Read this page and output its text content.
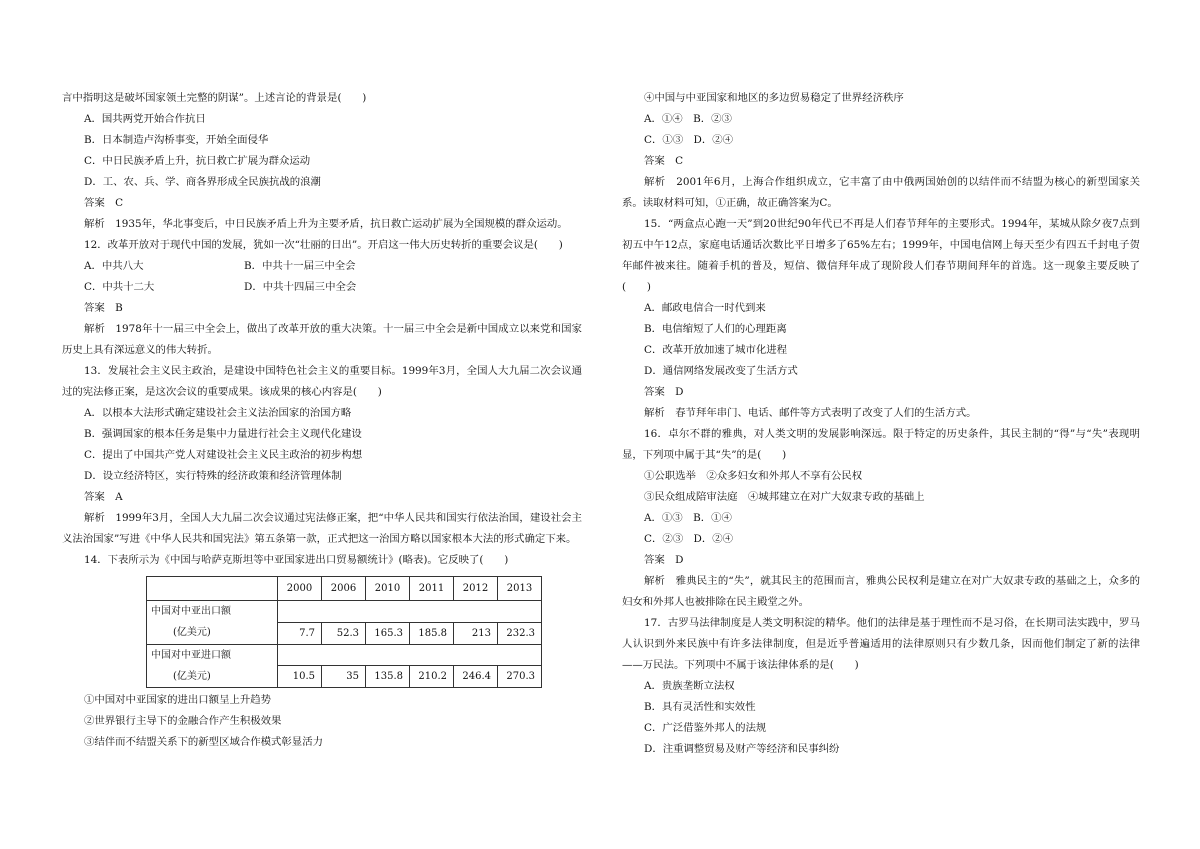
言中指明这是破坏国家领土完整的阴谋”。上述言论的背景是(　　)

A．国共两党开始合作抗日

B．日本制造卢沟桥事变，开始全面侵华

C．中日民族矛盾上升，抗日救亡扩展为群众运动

D．工、农、兵、学、商各界形成全民族抗战的浪潮

答案　C

解析　1935年，华北事变后，中日民族矛盾上升为主要矛盾，抗日救亡运动扩展为全国规模的群众运动。

12．改革开放对于现代中国的发展，犹如一次“壮丽的日出”。开启这一伟大历史转折的重要会议是(　　)

A．中共八大	B．中共十一届三中全会
C．中共十二大	D．中共十四届三中全会

答案　B

解析　1978年十一届三中全会上，做出了改革开放的重大决策。十一届三中全会是新中国成立以来党和国家历史上具有深远意义的伟大转折。

13．发展社会主义民主政治，是建设中国特色社会主义的重要目标。1999年3月，全国人大九届二次会议通过的宪法修正案，是这次会议的重要成果。该成果的核心内容是(　　)

A．以根本大法形式确定建设社会主义法治国家的治国方略

B．强调国家的根本任务是集中力量进行社会主义现代化建设

C．提出了中国共产党人对建设社会主义民主政治的初步构想

D．设立经济特区，实行特殊的经济政策和经济管理体制

答案　A

解析　1999年3月，全国人大九届二次会议通过宪法修正案，把“中华人民共和国实行依法治国，建设社会主义法治国家”写进《中华人民共和国宪法》第五条第一款，正式把这一治国方略以国家根本大法的形式确定下来。

14．下表所示为《中国与哈萨克斯坦等中亚国家进出口贸易额统计》(略表)。它反映了(　　)

	2000	2006	2010	2011	2012	2013
中国对中亚出口额						
(亿美元)	7.7	52.3	165.3	185.8	213	232.3
中国对中亚进口额						
(亿美元)	10.5	35	135.8	210.2	246.4	270.3

①中国对中亚国家的进出口额呈上升趋势

②世界银行主导下的金融合作产生积极效果

③结伴而不结盟关系下的新型区域合作模式彰显活力

④中国与中亚国家和地区的多边贸易稳定了世界经济秩序

A．①④　B．②③

C．①③　D．②④

答案　C

解析　2001年6月，上海合作组织成立，它丰富了由中俄两国始创的以结伴而不结盟为核心的新型国家关系。读取材料可知，①正确，故正确答案为C。

15．“两盒点心跑一天”到20世纪90年代已不再是人们春节拜年的主要形式。1994年，某城从除夕夜7点到初五中午12点，家庭电话通话次数比平日增多了65%左右；1999年，中国电信网上每天至少有四五千封电子贺年邮件被来往。随着手机的普及，短信、微信拜年成了现阶段人们春节期间拜年的首选。这一现象主要反映了(　　)

A．邮政电信合一时代到来

B．电信缩短了人们的心理距离

C．改革开放加速了城市化进程

D．通信网络发展改变了生活方式

答案　D

解析　春节拜年串门、电话、邮件等方式表明了改变了人们的生活方式。

16．卓尔不群的雅典，对人类文明的发展影响深远。限于特定的历史条件，其民主制的“得”与“失”表现明显，下列项中属于其“失”的是(　　)

①公职选举　②众多妇女和外邦人不享有公民权

③民众组成陪审法庭　④城邦建立在对广大奴隶专政的基础上

A．①③　B．①④

C．②③　D．②④

答案　D

解析　雅典民主的“失”，就其民主的范围而言，雅典公民权利是建立在对广大奴隶专政的基础之上，众多的妇女和外邦人也被排除在民主殿堂之外。

17．古罗马法律制度是人类文明积淀的精华。他们的法律是基于理性而不是习俗，在长期司法实践中，罗马人认识到外来民族中有许多法律制度，但是近乎普遍适用的法律原则只有少数几条，因而他们制定了新的法律——万民法。下列项中不属于该法律体系的是(　　)

A．贵族垄断立法权

B．具有灵活性和实效性

C．广泛借鉴外邦人的法规

D．注重调整贸易及财产等经济和民事纠纷
